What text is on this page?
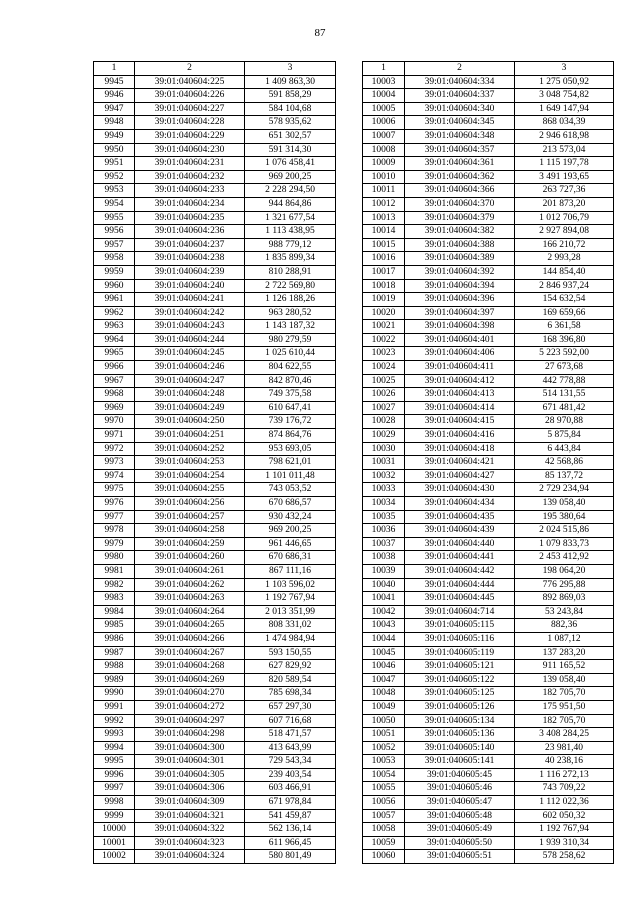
87
1	2	3
9945	39:01:040604:225	1 409 863,30
9946	39:01:040604:226	591 858,29
9947	39:01:040604:227	584 104,68
9948	39:01:040604:228	578 935,62
9949	39:01:040604:229	651 302,57
9950	39:01:040604:230	591 314,30
9951	39:01:040604:231	1 076 458,41
9952	39:01:040604:232	969 200,25
9953	39:01:040604:233	2 228 294,50
9954	39:01:040604:234	944 864,86
9955	39:01:040604:235	1 321 677,54
9956	39:01:040604:236	1 113 438,95
9957	39:01:040604:237	988 779,12
9958	39:01:040604:238	1 835 899,34
9959	39:01:040604:239	810 288,91
9960	39:01:040604:240	2 722 569,80
9961	39:01:040604:241	1 126 188,26
9962	39:01:040604:242	963 280,52
9963	39:01:040604:243	1 143 187,32
9964	39:01:040604:244	980 279,59
9965	39:01:040604:245	1 025 610,44
9966	39:01:040604:246	804 622,55
9967	39:01:040604:247	842 870,46
9968	39:01:040604:248	749 375,58
9969	39:01:040604:249	610 647,41
9970	39:01:040604:250	739 176,72
9971	39:01:040604:251	874 864,76
9972	39:01:040604:252	953 693,05
9973	39:01:040604:253	798 621,01
9974	39:01:040604:254	1 101 011,48
9975	39:01:040604:255	743 053,52
9976	39:01:040604:256	670 686,57
9977	39:01:040604:257	930 432,24
9978	39:01:040604:258	969 200,25
9979	39:01:040604:259	961 446,65
9980	39:01:040604:260	670 686,31
9981	39:01:040604:261	867 111,16
9982	39:01:040604:262	1 103 596,02
9983	39:01:040604:263	1 192 767,94
9984	39:01:040604:264	2 013 351,99
9985	39:01:040604:265	808 331,02
9986	39:01:040604:266	1 474 984,94
9987	39:01:040604:267	593 150,55
9988	39:01:040604:268	627 829,92
9989	39:01:040604:269	820 589,54
9990	39:01:040604:270	785 698,34
9991	39:01:040604:272	657 297,30
9992	39:01:040604:297	607 716,68
9993	39:01:040604:298	518 471,57
9994	39:01:040604:300	413 643,99
9995	39:01:040604:301	729 543,34
9996	39:01:040604:305	239 403,54
9997	39:01:040604:306	603 466,91
9998	39:01:040604:309	671 978,84
9999	39:01:040604:321	541 459,87
10000	39:01:040604:322	562 136,14
10001	39:01:040604:323	611 966,45
10002	39:01:040604:324	580 801,49
1	2	3
10003	39:01:040604:334	1 275 050,92
10004	39:01:040604:337	3 048 754,82
10005	39:01:040604:340	1 649 147,94
10006	39:01:040604:345	868 034,39
10007	39:01:040604:348	2 946 618,98
10008	39:01:040604:357	213 573,04
10009	39:01:040604:361	1 115 197,78
10010	39:01:040604:362	3 491 193,65
10011	39:01:040604:366	263 727,36
10012	39:01:040604:370	201 873,20
10013	39:01:040604:379	1 012 706,79
10014	39:01:040604:382	2 927 894,08
10015	39:01:040604:388	166 210,72
10016	39:01:040604:389	2 993,28
10017	39:01:040604:392	144 854,40
10018	39:01:040604:394	2 846 937,24
10019	39:01:040604:396	154 632,54
10020	39:01:040604:397	169 659,66
10021	39:01:040604:398	6 361,58
10022	39:01:040604:401	168 396,80
10023	39:01:040604:406	5 223 592,00
10024	39:01:040604:411	27 673,68
10025	39:01:040604:412	442 778,88
10026	39:01:040604:413	514 131,55
10027	39:01:040604:414	671 481,42
10028	39:01:040604:415	28 970,88
10029	39:01:040604:416	5 875,84
10030	39:01:040604:418	6 443,84
10031	39:01:040604:421	42 568,86
10032	39:01:040604:427	85 137,72
10033	39:01:040604:430	2 729 234,94
10034	39:01:040604:434	139 058,40
10035	39:01:040604:435	195 380,64
10036	39:01:040604:439	2 024 515,86
10037	39:01:040604:440	1 079 833,73
10038	39:01:040604:441	2 453 412,92
10039	39:01:040604:442	198 064,20
10040	39:01:040604:444	776 295,88
10041	39:01:040604:445	892 869,03
10042	39:01:040604:714	53 243,84
10043	39:01:040605:115	882,36
10044	39:01:040605:116	1 087,12
10045	39:01:040605:119	137 283,20
10046	39:01:040605:121	911 165,52
10047	39:01:040605:122	139 058,40
10048	39:01:040605:125	182 705,70
10049	39:01:040605:126	175 951,50
10050	39:01:040605:134	182 705,70
10051	39:01:040605:136	3 408 284,25
10052	39:01:040605:140	23 981,40
10053	39:01:040605:141	40 238,16
10054	39:01:040605:45	1 116 272,13
10055	39:01:040605:46	743 709,22
10056	39:01:040605:47	1 112 022,36
10057	39:01:040605:48	602 050,32
10058	39:01:040605:49	1 192 767,94
10059	39:01:040605:50	1 939 310,34
10060	39:01:040605:51	578 258,62
